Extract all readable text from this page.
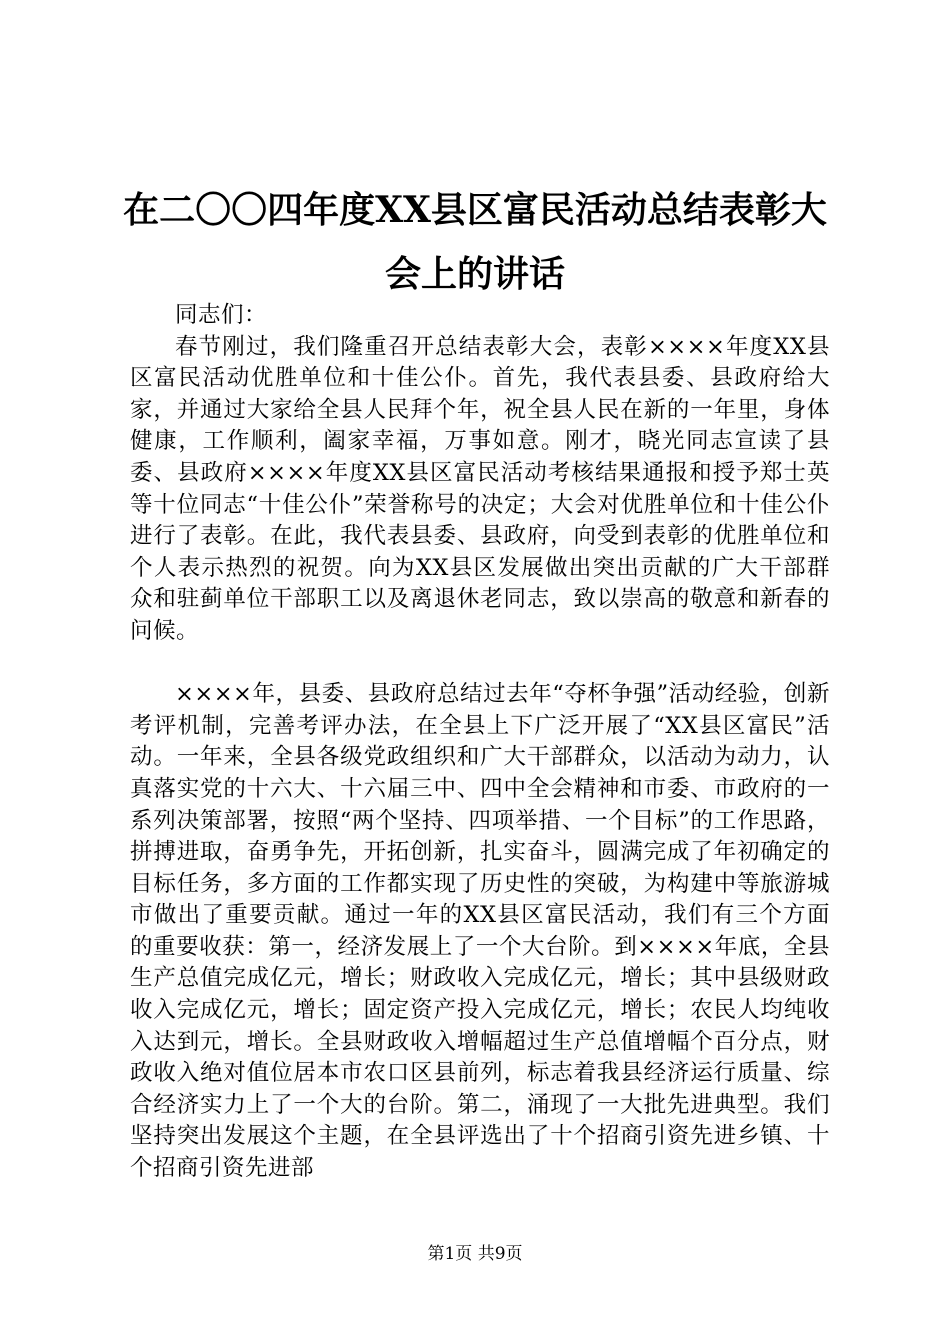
在二〇〇四年度XX县区富民活动总结表彰大
会上的讲话

同志们：

春节刚过，我们隆重召开总结表彰大会，表彰××××年度XX县区富民活动优胜单位和十佳公仆。首先，我代表县委、县政府给大家，并通过大家给全县人民拜个年，祝全县人民在新的一年里，身体健康，工作顺利，阖家幸福，万事如意。刚才，晓光同志宣读了县委、县政府××××年度XX县区富民活动考核结果通报和授予郑士英等十位同志“十佳公仆”荣誉称号的决定；大会对优胜单位和十佳公仆进行了表彰。在此，我代表县委、县政府，向受到表彰的优胜单位和个人表示热烈的祝贺。向为XX县区发展做出突出贡献的广大干部群众和驻蓟单位干部职工以及离退休老同志，致以崇高的敬意和新春的问候。

××××年，县委、县政府总结过去年“夺杯争强”活动经验，创新考评机制，完善考评办法，在全县上下广泛开展了“XX县区富民”活动。一年来，全县各级党政组织和广大干部群众，以活动为动力，认真落实党的十六大、十六届三中、四中全会精神和市委、市政府的一系列决策部署，按照“两个坚持、四项举措、一个目标”的工作思路，拼搏进取，奋勇争先，开拓创新，扎实奋斗，圆满完成了年初确定的目标任务，多方面的工作都实现了历史性的突破，为构建中等旅游城市做出了重要贡献。通过一年的XX县区富民活动，我们有三个方面的重要收获：第一，经济发展上了一个大台阶。到××××年底，全县生产总值完成亿元，增长；财政收入完成亿元，增长；其中县级财政收入完成亿元，增长；固定资产投入完成亿元，增长；农民人均纯收入达到元，增长。全县财政收入增幅超过生产总值增幅个百分点，财政收入绝对值位居本市农口区县前列，标志着我县经济运行质量、综合经济实力上了一个大的台阶。第二，涌现了一大批先进典型。我们坚持突出发展这个主题，在全县评选出了十个招商引资先进乡镇、十个招商引资先进部

第1页 共9页
